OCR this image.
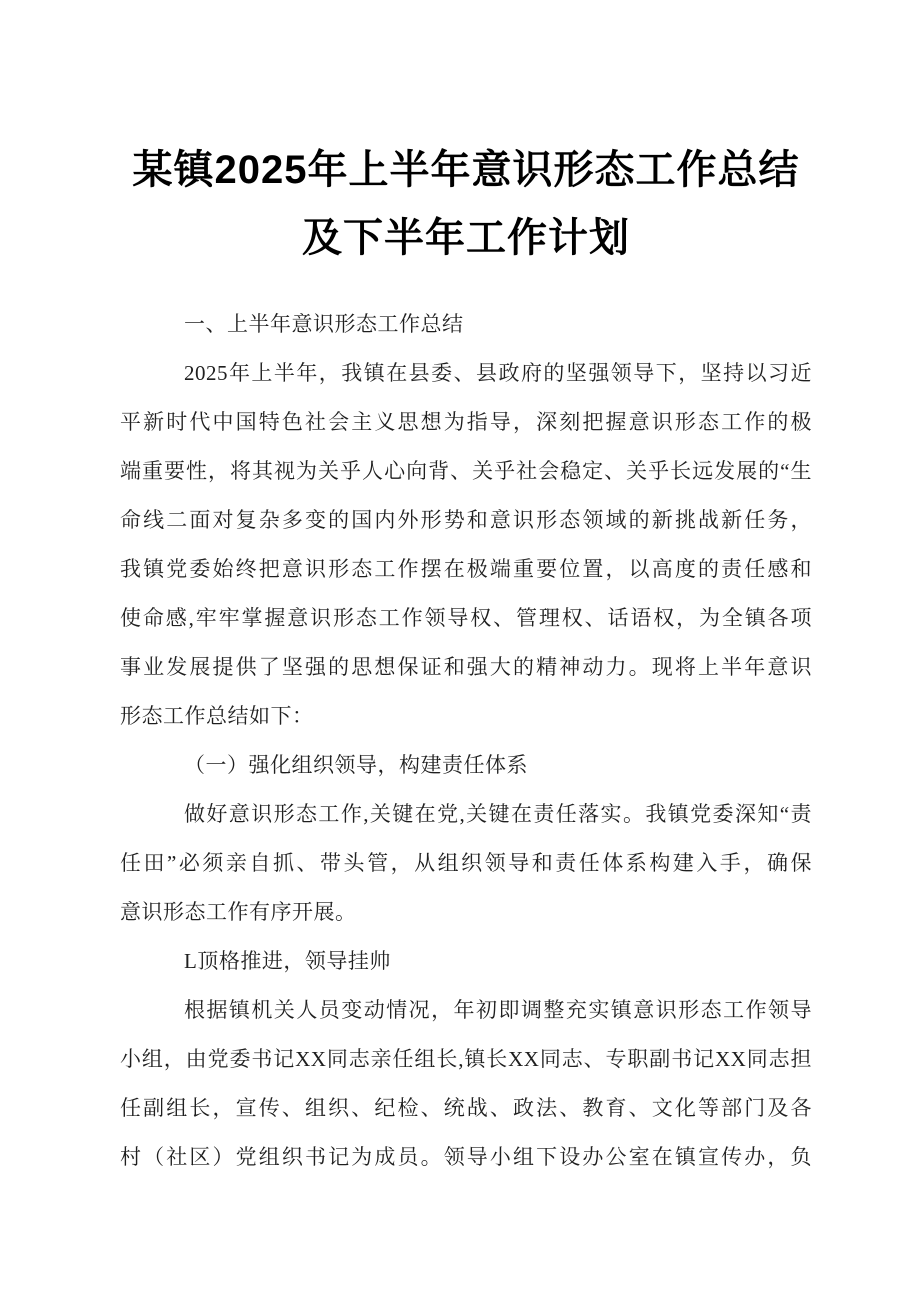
某镇2025年上半年意识形态工作总结
及下半年工作计划
一、上半年意识形态工作总结
2025年上半年，我镇在县委、县政府的坚强领导下，坚持以习近
平新时代中国特色社会主义思想为指导，深刻把握意识形态工作的极
端重要性，将其视为关乎人心向背、关乎社会稳定、关乎长远发展的“生
命线二面对复杂多变的国内外形势和意识形态领域的新挑战新任务，
我镇党委始终把意识形态工作摆在极端重要位置，以高度的责任感和
使命感,牢牢掌握意识形态工作领导权、管理权、话语权，为全镇各项
事业发展提供了坚强的思想保证和强大的精神动力。现将上半年意识
形态工作总结如下：
（一）强化组织领导，构建责任体系
做好意识形态工作,关键在党,关键在责任落实。我镇党委深知“责
任田”必须亲自抓、带头管，从组织领导和责任体系构建入手，确保
意识形态工作有序开展。
L顶格推进，领导挂帅
根据镇机关人员变动情况，年初即调整充实镇意识形态工作领导
小组，由党委书记XX同志亲任组长,镇长XX同志、专职副书记XX同志担
任副组长，宣传、组织、纪检、统战、政法、教育、文化等部门及各
村（社区）党组织书记为成员。领导小组下设办公室在镇宣传办，负
